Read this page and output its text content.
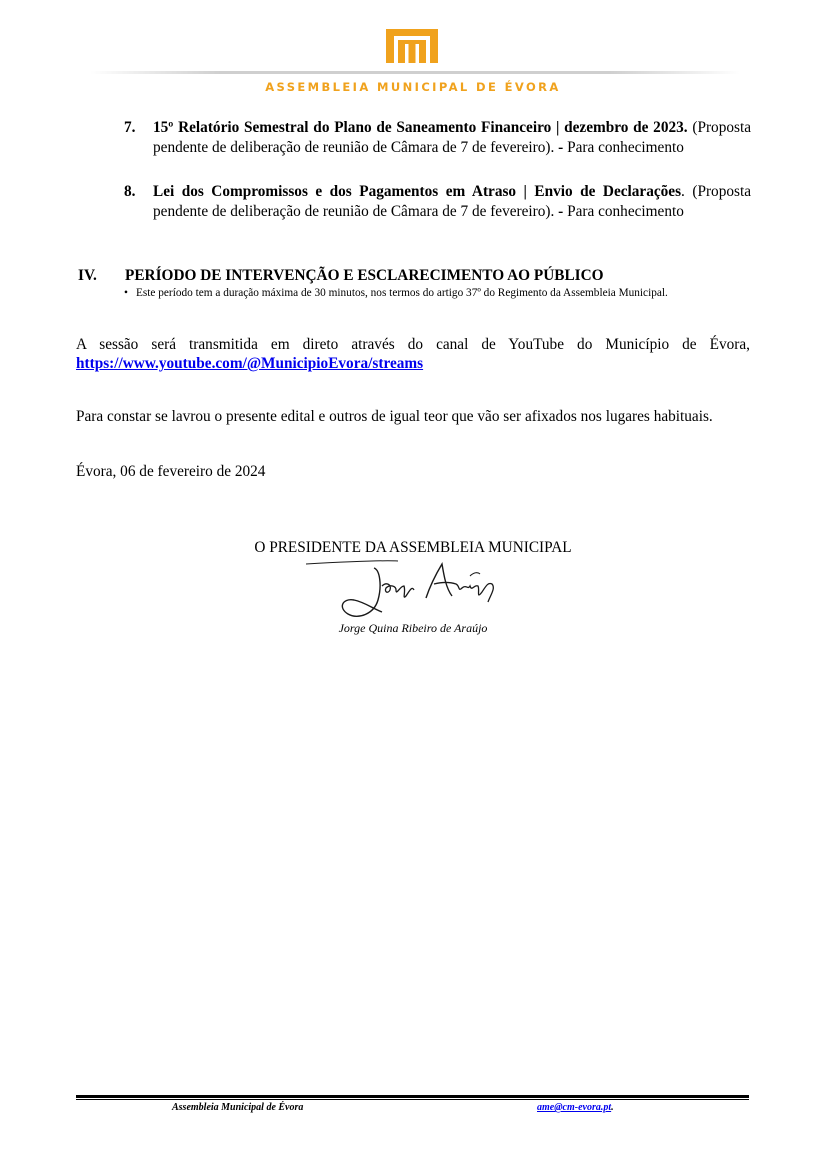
ASSEMBLEIA MUNICIPAL DE ÉVORA
7. 15º Relatório Semestral do Plano de Saneamento Financeiro | dezembro de 2023. (Proposta pendente de deliberação de reunião de Câmara de 7 de fevereiro). - Para conhecimento
8. Lei dos Compromissos e dos Pagamentos em Atraso | Envio de Declarações. (Proposta pendente de deliberação de reunião de Câmara de 7 de fevereiro). - Para conhecimento
IV. PERÍODO DE INTERVENÇÃO E ESCLARECIMENTO AO PÚBLICO
• Este período tem a duração máxima de 30 minutos, nos termos do artigo 37º do Regimento da Assembleia Municipal.
A sessão será transmitida em direto através do canal de YouTube do Município de Évora,
https://www.youtube.com/@MunicipioEvora/streams
Para constar se lavrou o presente edital e outros de igual teor que vão ser afixados nos lugares habituais.
Évora, 06 de fevereiro de 2024
O PRESIDENTE DA ASSEMBLEIA MUNICIPAL
Jorge Quina Ribeiro de Araújo
Assembleia Municipal de Évora	ame@cm-evora.pt.
